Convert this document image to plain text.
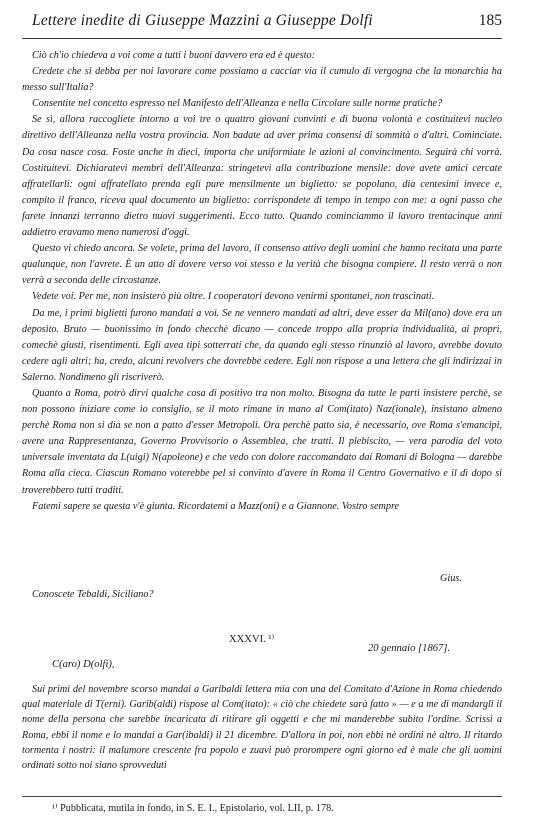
Lettere inedite di Giuseppe Mazzini a Giuseppe Dolfi	185

Ciò ch'io chiedeva a voi come a tutti i buoni davvero era ed è questo:

Credete che si debba per noi lavorare come possiamo a cacciar via il cumulo di vergogna che la monarchia ha messo sull'Italia?

Consentite nel concetto espresso nel Manifesto dell'Alleanza e nella Circolare sulle norme pratiche?

Se sì, allora raccogliete intorno a voi tre o quattro giovani convinti e di buona volontà e costituitevi nucleo direttivo dell'Alleanza nella vostra provincia. Non badate ad aver prima consensi di sommità o d'altri. Cominciate. Da cosa nasce cosa. Foste anche in dieci, importa che uniformiate le azioni al convincimento. Seguirà chi vorrà. Costituitevi. Dichiaratevi membri dell'Alleanza: stringetevi alla contribuzione mensile: dove avete amici cercate affratellarli: ogni affratellato prenda egli pure mensilmente un biglietto: se popolano, dia centesimi invece e, compito il franco, riceva qual documento un biglietto: corrispondete di tempo in tempo con me: a ogni passo che farete innanzi terranno dietro nuovi suggerimenti. Ecco tutto. Quando cominciammo il lavoro trentacinque anni addietro eravamo meno numerosi d'oggi.

Questo vi chiedo ancora. Se volete, prima del lavoro, il consenso attivo degli uomini che hanno recitata una parte qualunque, non l'avrete. È un atto di dovere verso voi stesso e la verità che bisogna compiere. Il resto verrà o non verrà a seconda delle circostanze.

Vedete voi. Per me, non insisterò più oltre. I cooperatori devono venirmi spontanei, non trascinati.

Da me, i primi biglietti furono mandati a voi. Se ne vennero mandati ad altri, deve esser da Mil(ano) dove era un deposito. Bruto — buonissimo in fondo checchè dicano — concede troppo alla propria individualità, ai propri, comechè giusti, risentimenti. Egli avea tipi sotterrati che, da quando egli stesso rinunziò al lavoro, avrebbe dovuto cedere agli altri; ha, credo, alcuni revolvers che dovrebbe cedere. Egli non rispose a una lettera che gli indirizzai in Salerno. Nondimeno gli riscriverò.

Quanto a Roma, potrò dirvi qualche cosa di positivo tra non molto. Bisogna da tutte le parti insistere perchè, se non possono iniziare come io consiglio, se il moto rimane in mano al Com(itato) Naz(ionale), insistano almeno perchè Roma non si dia se non a patto d'esser Metropoli. Ora perchè patto sia, è necessario, ove Roma s'emancipi, avere una Rappresentanza, Governo Provvisorio o Assemblea, che tratti. Il plebiscito, — vera parodia del voto universale inventata da L(uigi) N(apoleone) e che vedo con dolore raccomandato dai Romani di Bologna — darebbe Roma alla cieca. Ciascun Romano voterebbe pel sì convinto d'avere in Roma il Centro Governativo e il dì dopo si troverebbero tutti traditi.

Fatemi sapere se questa v'è giunta. Ricordatemi a Mazz(oni) e a Giannone. Vostro sempre

Gius.
Conoscete Tebaldi, Siciliano?
XXXVI. ¹⁾
20 gennaio [1867].
C(aro) D(olfi),

Sui primi del novembre scorso mandai a Garibaldi lettera mia con una del Comitato d'Azione in Roma chiedendo qual materiale di T(erni). Garib(aldi) rispose al Com(itato): « ciò che chiedete sarà fatto » — e a me di mandargli il nome della persona che sarebbe incaricata di ritirare gli oggetti e che mi manderebbe subito l'ordine. Scrissi a Roma, ebbi il nome e lo mandai a Gar(ibaldi) il 21 dicembre. D'allora in poi, non ebbi nè ordini nè altro. Il ritardo tormenta i nostri: il malumore crescente fra popolo e zuavi può prorompere ogni giorno ed è male che gli uomini ordinati sotto noi siano sprovveduti

¹⁾ Pubblicata, mutila in fondo, in S. E. I., Epistolario, vol. LII, p. 178.
